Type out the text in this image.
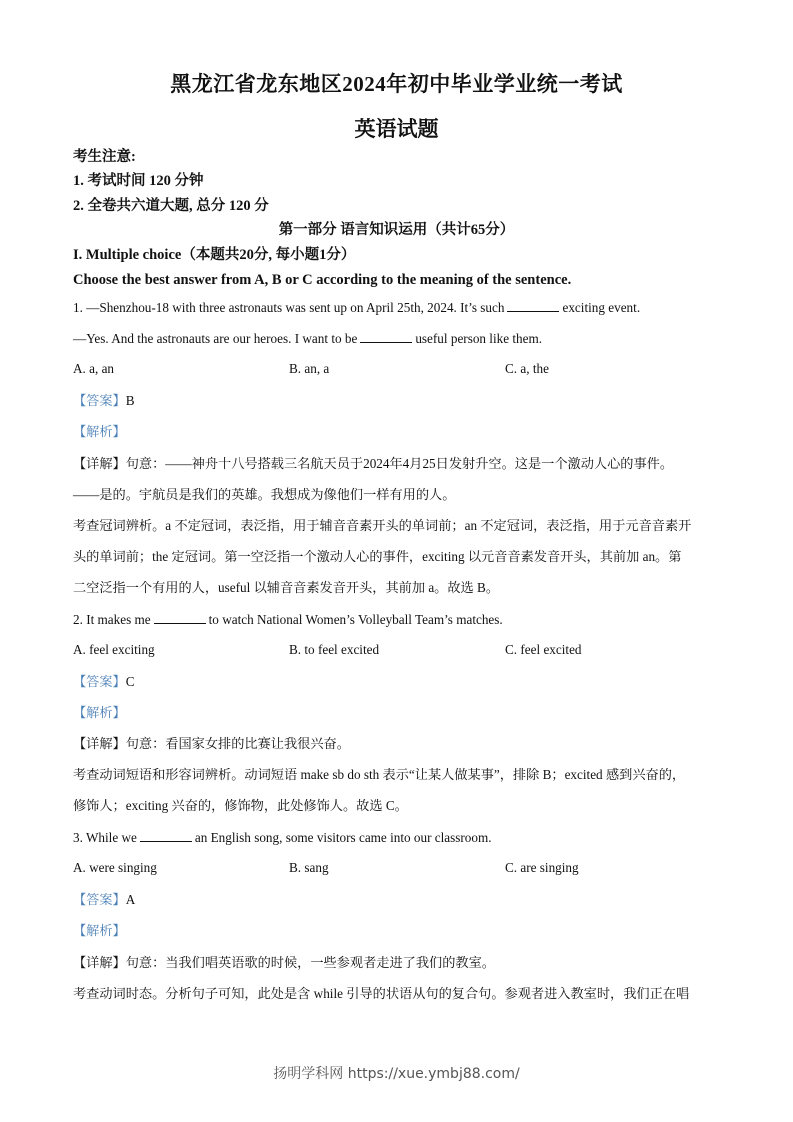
黑龙江省龙东地区2024年初中毕业学业统一考试
英语试题
考生注意:
1. 考试时间 120 分钟
2. 全卷共六道大题, 总分 120 分
第一部分 语言知识运用（共计65分）
I. Multiple choice（本题共20分, 每小题1分）
Choose the best answer from A, B or C according to the meaning of the sentence.
1. —Shenzhou-18 with three astronauts was sent up on April 25th, 2024. It’s such	exciting event.
—Yes. And the astronauts are our heroes. I want to be	useful person like them.
A. a, an	B. an, a	C. a, the
【答案】B
【解析】
【详解】句意：——神舟十八号搭载三名航天员于2024年4月25日发射升空。这是一个激动人心的事件。
——是的。宇航员是我们的英雄。我想成为像他们一样有用的人。
考查冠词辨析。a 不定冠词，表泛指，用于辅音音素开头的单词前；an 不定冠词，表泛指，用于元音音素开
头的单词前；the 定冠词。第一空泛指一个激动人心的事件，exciting 以元音音素发音开头，其前加 an。第
二空泛指一个有用的人，useful 以辅音音素发音开头，其前加 a。故选 B。
2. It makes me	to watch National Women’s Volleyball Team’s matches.
A. feel exciting	B. to feel excited	C. feel excited
【答案】C
【解析】
【详解】句意：看国家女排的比赛让我很兴奋。
考查动词短语和形容词辨析。动词短语 make sb do sth 表示“让某人做某事”，排除 B；excited 感到兴奋的，
修饰人；exciting 兴奋的，修饰物，此处修饰人。故选 C。
3. While we	an English song, some visitors came into our classroom.
A. were singing	B. sang	C. are singing
【答案】A
【解析】
【详解】句意：当我们唱英语歌的时候，一些参观者走进了我们的教室。
考查动词时态。分析句子可知，此处是含 while 引导的状语从句的复合句。参观者进入教室时，我们正在唱
扬明学科网 https://xue.ymbj88.com/
